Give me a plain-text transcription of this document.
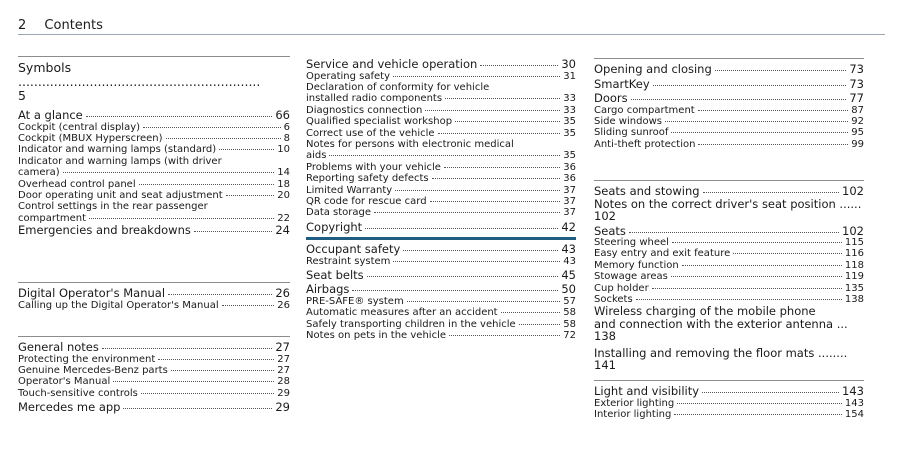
2 Contents
Symbols .............................................................
5
At a glance	66
Cockpit (central display)	6
Cockpit (MBUX Hyperscreen)	8
Indicator and warning lamps (standard)	10
Indicator and warning lamps (with driver
camera)	14
Overhead control panel	18
Door operating unit and seat adjustment	20
Control settings in the rear passenger
compartment	22
Emergencies and breakdowns	24
Digital Operator's Manual	26
Calling up the Digital Operator's Manual	26
General notes	27
Protecting the environment	27
Genuine Mercedes-Benz parts	27
Operator's Manual	28
Touch-sensitive controls	29
Mercedes me app	29
Service and vehicle operation	30
Operating safety	31
Declaration of conformity for vehicle
installed radio components	33
Diagnostics connection	33
Qualified specialist workshop	35
Correct use of the vehicle	35
Notes for persons with electronic medical
aids	35
Problems with your vehicle	36
Reporting safety defects	36
Limited Warranty	37
QR code for rescue card	37
Data storage	37
Copyright	42
Occupant safety	43
Restraint system	43
Seat belts	45
Airbags	50
PRE-SAFE® system	57
Automatic measures after an accident	58
Safely transporting children in the vehicle	58
Notes on pets in the vehicle	72
Opening and closing	73
SmartKey	73
Doors	77
Cargo compartment	87
Side windows	92
Sliding sunroof	95
Anti-theft protection	99
Seats and stowing	102
Notes on the correct driver's seat position ......
102
Seats	102
Steering wheel	115
Easy entry and exit feature	116
Memory function	118
Stowage areas	119
Cup holder	135
Sockets	138
Wireless charging of the mobile phone
and connection with the exterior antenna ...
138
Installing and removing the floor mats ........
141
Light and visibility	143
Exterior lighting	143
Interior lighting	154
